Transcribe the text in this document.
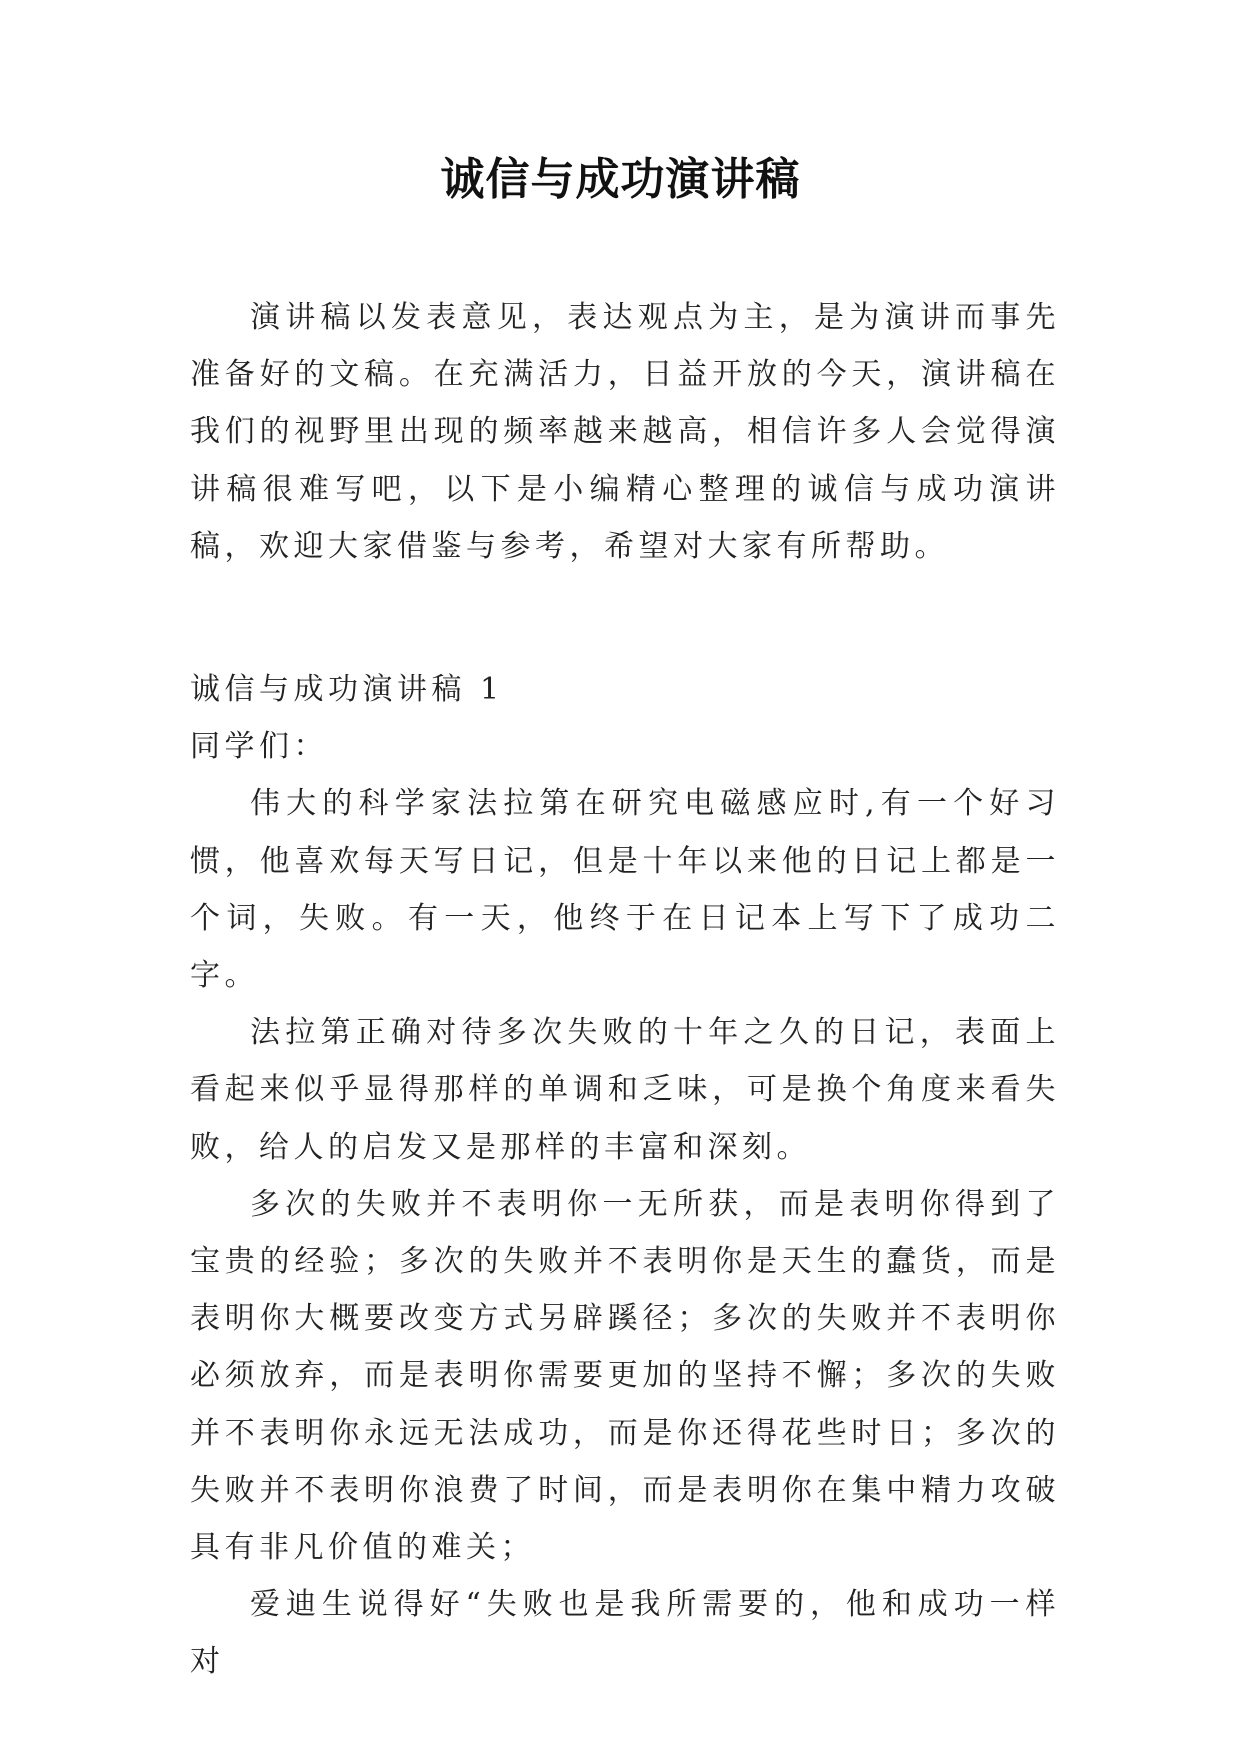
诚信与成功演讲稿

演讲稿以发表意见，表达观点为主，是为演讲而事先准备好的文稿。在充满活力，日益开放的今天，演讲稿在我们的视野里出现的频率越来越高，相信许多人会觉得演讲稿很难写吧，以下是小编精心整理的诚信与成功演讲稿，欢迎大家借鉴与参考，希望对大家有所帮助。

诚信与成功演讲稿 1

同学们：

伟大的科学家法拉第在研究电磁感应时,有一个好习惯，他喜欢每天写日记，但是十年以来他的日记上都是一个词，失败。有一天，他终于在日记本上写下了成功二字。

法拉第正确对待多次失败的十年之久的日记，表面上看起来似乎显得那样的单调和乏味，可是换个角度来看失败，给人的启发又是那样的丰富和深刻。

多次的失败并不表明你一无所获，而是表明你得到了宝贵的经验；多次的失败并不表明你是天生的蠢货，而是表明你大概要改变方式另辟蹊径；多次的失败并不表明你必须放弃，而是表明你需要更加的坚持不懈；多次的失败并不表明你永远无法成功，而是你还得花些时日；多次的失败并不表明你浪费了时间，而是表明你在集中精力攻破具有非凡价值的难关；

爱迪生说得好“失败也是我所需要的，他和成功一样对
